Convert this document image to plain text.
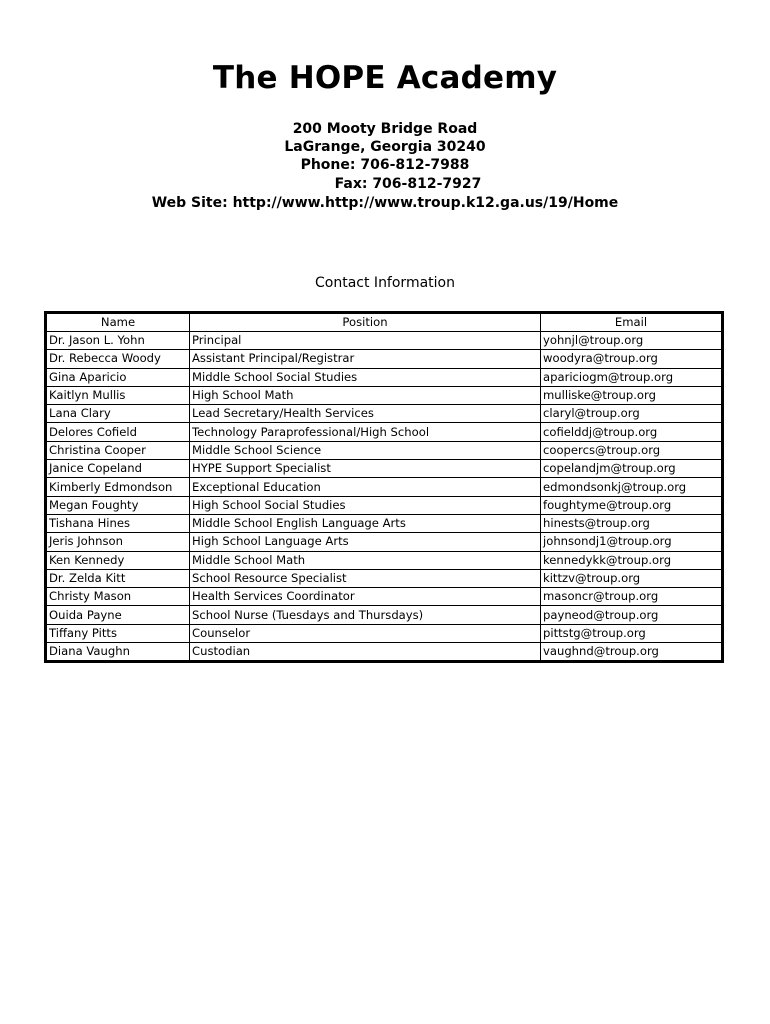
The HOPE Academy
200 Mooty Bridge Road
LaGrange, Georgia 30240
Phone: 706-812-7988
Fax: 706-812-7927
Web Site: http://www.http://www.troup.k12.ga.us/19/Home
Contact Information
Name	Position	Email
Dr. Jason L. Yohn	Principal	yohnjl@troup.org
Dr. Rebecca Woody	Assistant Principal/Registrar	woodyra@troup.org
Gina Aparicio	Middle School Social Studies	apariciogm@troup.org
Kaitlyn Mullis	High School Math	mulliske@troup.org
Lana Clary	Lead Secretary/Health Services	claryl@troup.org
Delores Cofield	Technology Paraprofessional/High School	cofielddj@troup.org
Christina Cooper	Middle School Science	coopercs@troup.org
Janice Copeland	HYPE Support Specialist	copelandjm@troup.org
Kimberly Edmondson	Exceptional Education	edmondsonkj@troup.org
Megan Foughty	High School Social Studies	foughtyme@troup.org
Tishana Hines	Middle School English Language Arts	hinests@troup.org
Jeris Johnson	High School Language Arts	johnsondj1@troup.org
Ken Kennedy	Middle School Math	kennedykk@troup.org
Dr. Zelda Kitt	School Resource Specialist	kittzv@troup.org
Christy Mason	Health Services Coordinator	masoncr@troup.org
Ouida Payne	School Nurse (Tuesdays and Thursdays)	payneod@troup.org
Tiffany Pitts	Counselor	pittstg@troup.org
Diana Vaughn	Custodian	vaughnd@troup.org
